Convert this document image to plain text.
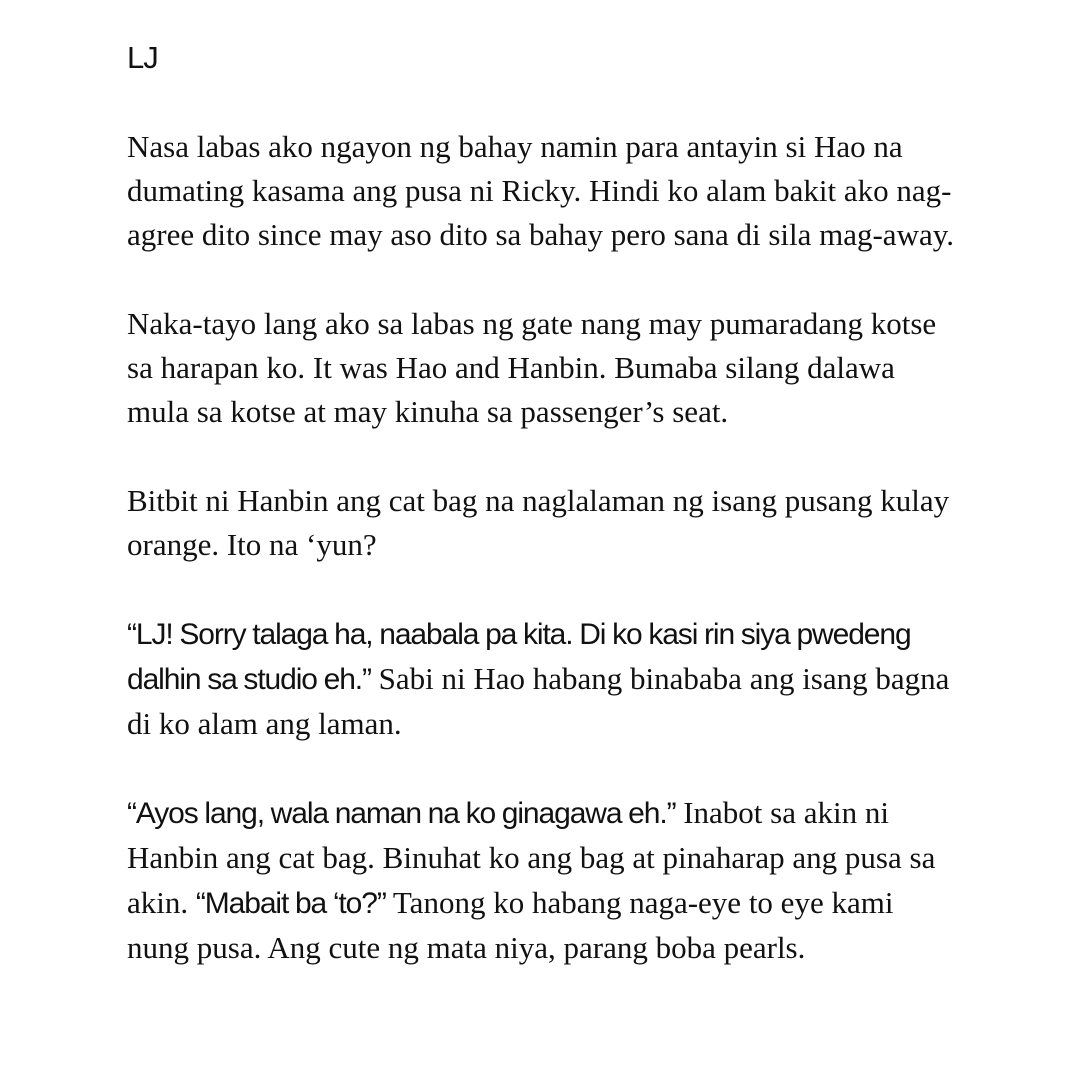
LJ

Nasa labas ako ngayon ng bahay namin para antayin si Hao na dumating kasama ang pusa ni Ricky. Hindi ko alam bakit ako nag-agree dito since may aso dito sa bahay pero sana di sila mag-away.

Naka-tayo lang ako sa labas ng gate nang may pumaradang kotse sa harapan ko. It was Hao and Hanbin. Bumaba silang dalawa mula sa kotse at may kinuha sa passenger’s seat.

Bitbit ni Hanbin ang cat bag na naglalaman ng isang pusang kulay orange. Ito na ‘yun?

“LJ! Sorry talaga ha, naabala pa kita. Di ko kasi rin siya pwedeng dalhin sa studio eh.” Sabi ni Hao habang binababa ang isang bagna di ko alam ang laman.

“Ayos lang, wala naman na ko ginagawa eh.” Inabot sa akin ni Hanbin ang cat bag. Binuhat ko ang bag at pinaharap ang pusa sa akin. “Mabait ba ‘to?” Tanong ko habang naga-eye to eye kami nung pusa. Ang cute ng mata niya, parang boba pearls.
